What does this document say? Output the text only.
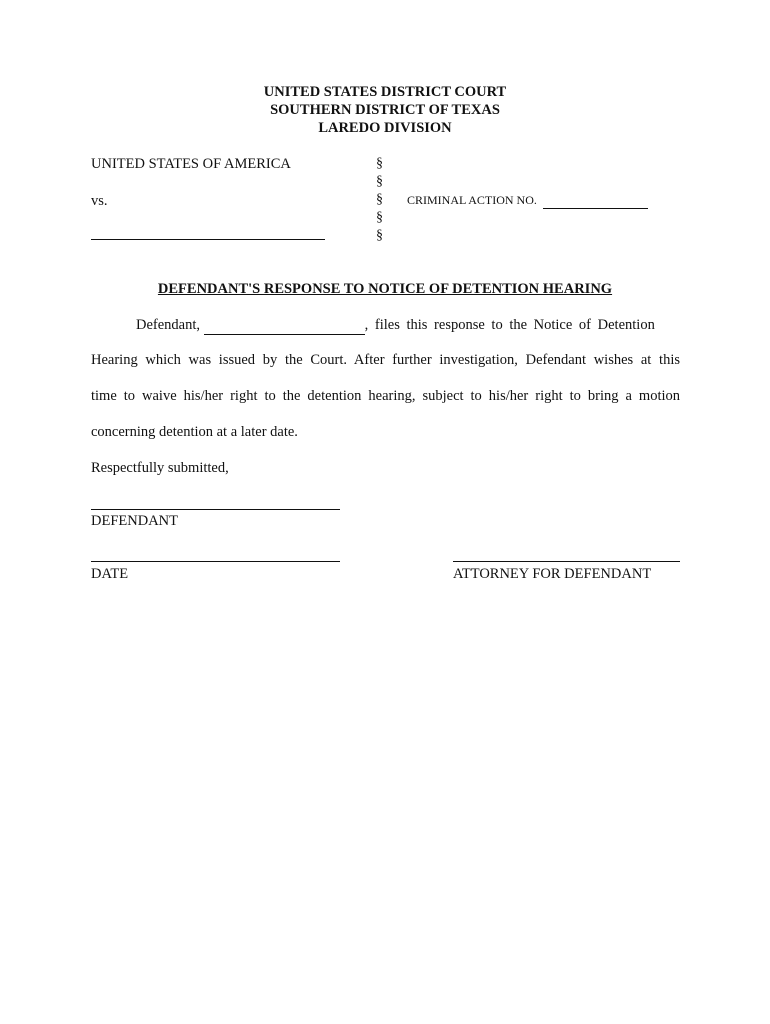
UNITED STATES DISTRICT COURT
SOUTHERN DISTRICT OF TEXAS
LAREDO DIVISION
UNITED STATES OF AMERICA
vs.
§
§
§
§
§
CRIMINAL ACTION NO.
DEFENDANT'S RESPONSE TO NOTICE OF DETENTION HEARING
Defendant,	, files this response to the Notice of Detention
Hearing which was issued by the Court. After further investigation, Defendant wishes at this
time to waive his/her right to the detention hearing, subject to his/her right to bring a motion
concerning detention at a later date.
Respectfully submitted,
DEFENDANT
DATE	ATTORNEY FOR DEFENDANT
